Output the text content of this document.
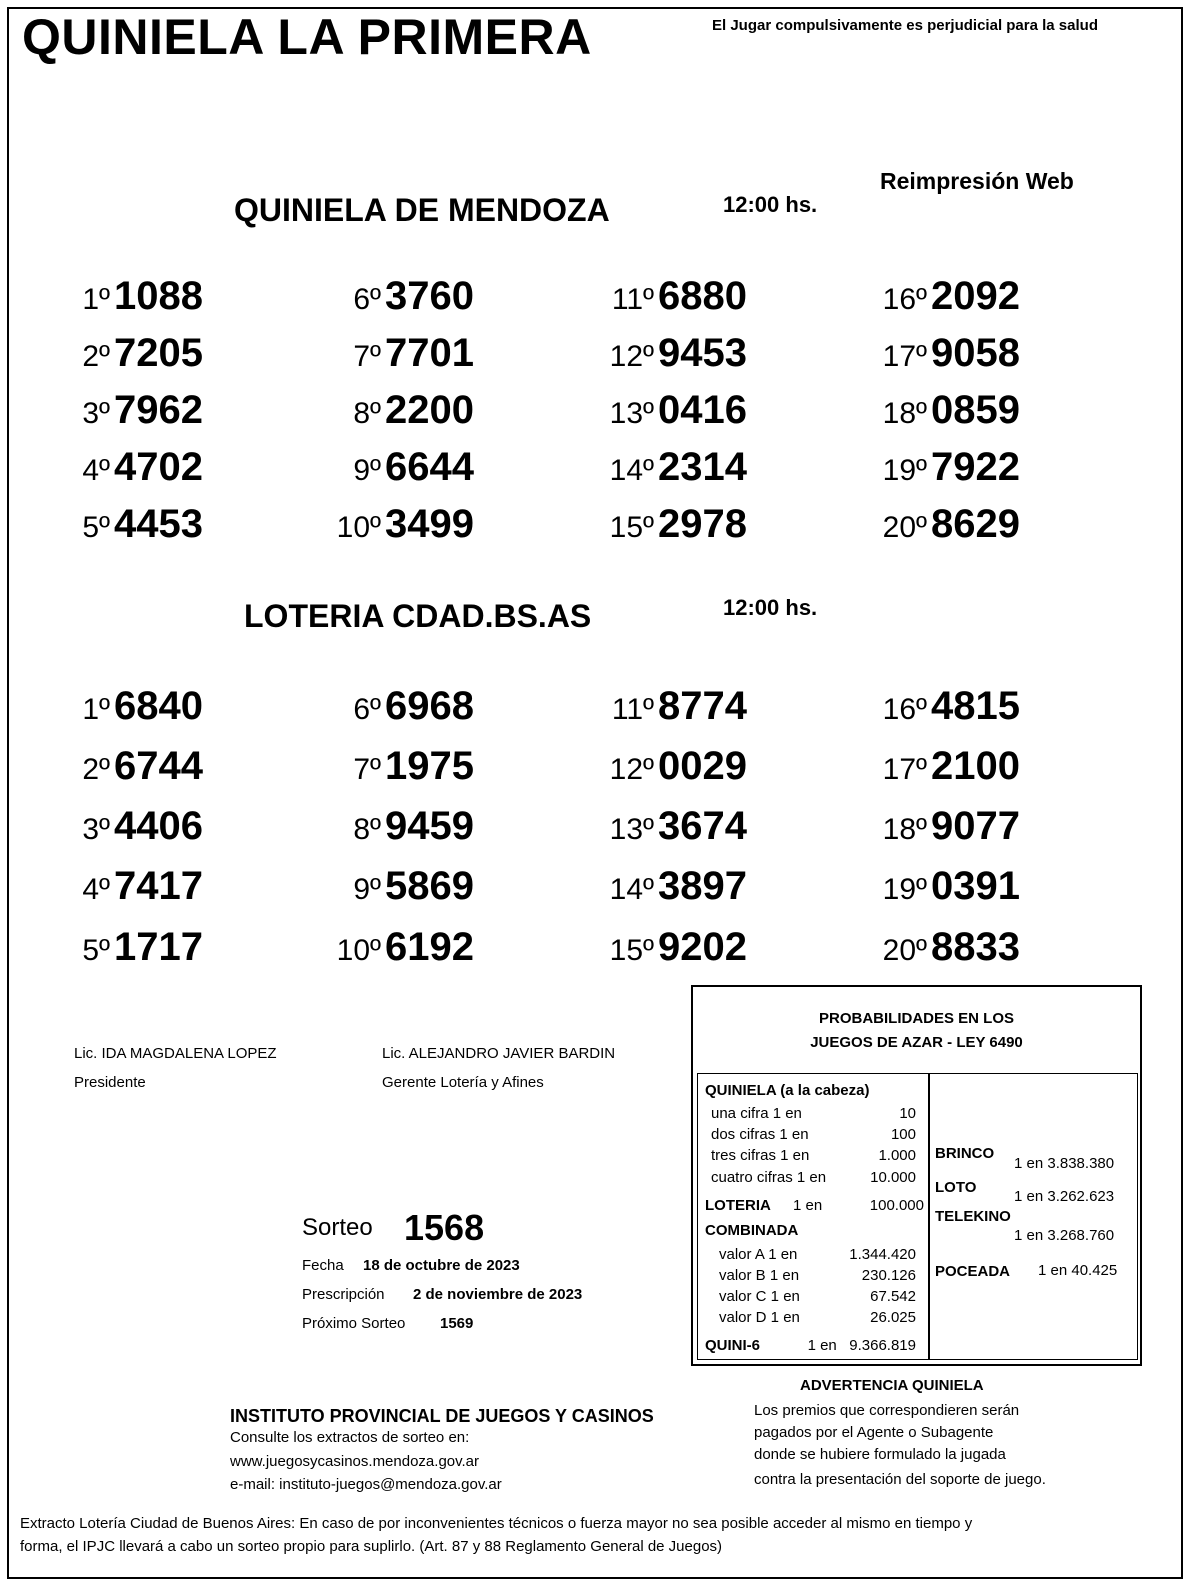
QUINIELA LA PRIMERA	El Jugar compulsivamente es perjudicial para la salud
Reimpresión Web
QUINIELA DE MENDOZA	12:00 hs.
1º 1088
2º 7205
3º 7962
4º 4702
5º 4453
6º 3760
7º 7701
8º 2200
9º 6644
10º 3499
11º 6880
12º 9453
13º 0416
14º 2314
15º 2978
16º 2092
17º 9058
18º 0859
19º 7922
20º 8629
LOTERIA CDAD.BS.AS	12:00 hs.
1º 6840
2º 6744
3º 4406
4º 7417
5º 1717
6º 6968
7º 1975
8º 9459
9º 5869
10º 6192
11º 8774
12º 0029
13º 3674
14º 3897
15º 9202
16º 4815
17º 2100
18º 9077
19º 0391
20º 8833
Lic. IDA MAGDALENA LOPEZ
Presidente
Lic. ALEJANDRO JAVIER BARDIN
Gerente Lotería y Afines
Sorteo 1568
Fecha 18 de octubre de 2023
Prescripción 2 de noviembre de 2023
Próximo Sorteo 1569
PROBABILIDADES EN LOS
JUEGOS DE AZAR - LEY 6490
QUINIELA (a la cabeza)
una cifra 1 en	10
dos cifras 1 en	100
tres cifras 1 en	1.000
cuatro cifras 1 en	10.000
LOTERIA 1 en	100.000
COMBINADA
valor A 1 en	1.344.420
valor B 1 en	230.126
valor C 1 en	67.542
valor D 1 en	26.025
QUINI-6	1 en   9.366.819
BRINCO
1 en 3.838.380
LOTO
1 en 3.262.623
TELEKINO
1 en 3.268.760
POCEADA 1 en 40.425
ADVERTENCIA QUINIELA
Los premios que correspondieren serán
pagados por el Agente o Subagente
donde se hubiere formulado la jugada
contra la presentación del soporte de juego.
INSTITUTO PROVINCIAL DE JUEGOS Y CASINOS
Consulte los extractos de sorteo en:
www.juegosycasinos.mendoza.gov.ar
e-mail: instituto-juegos@mendoza.gov.ar
Extracto Lotería Ciudad de Buenos Aires: En caso de por inconvenientes técnicos o fuerza mayor no sea posible acceder al mismo en tiempo y
forma, el IPJC llevará a cabo un sorteo propio para suplirlo. (Art. 87 y 88 Reglamento General de Juegos)
